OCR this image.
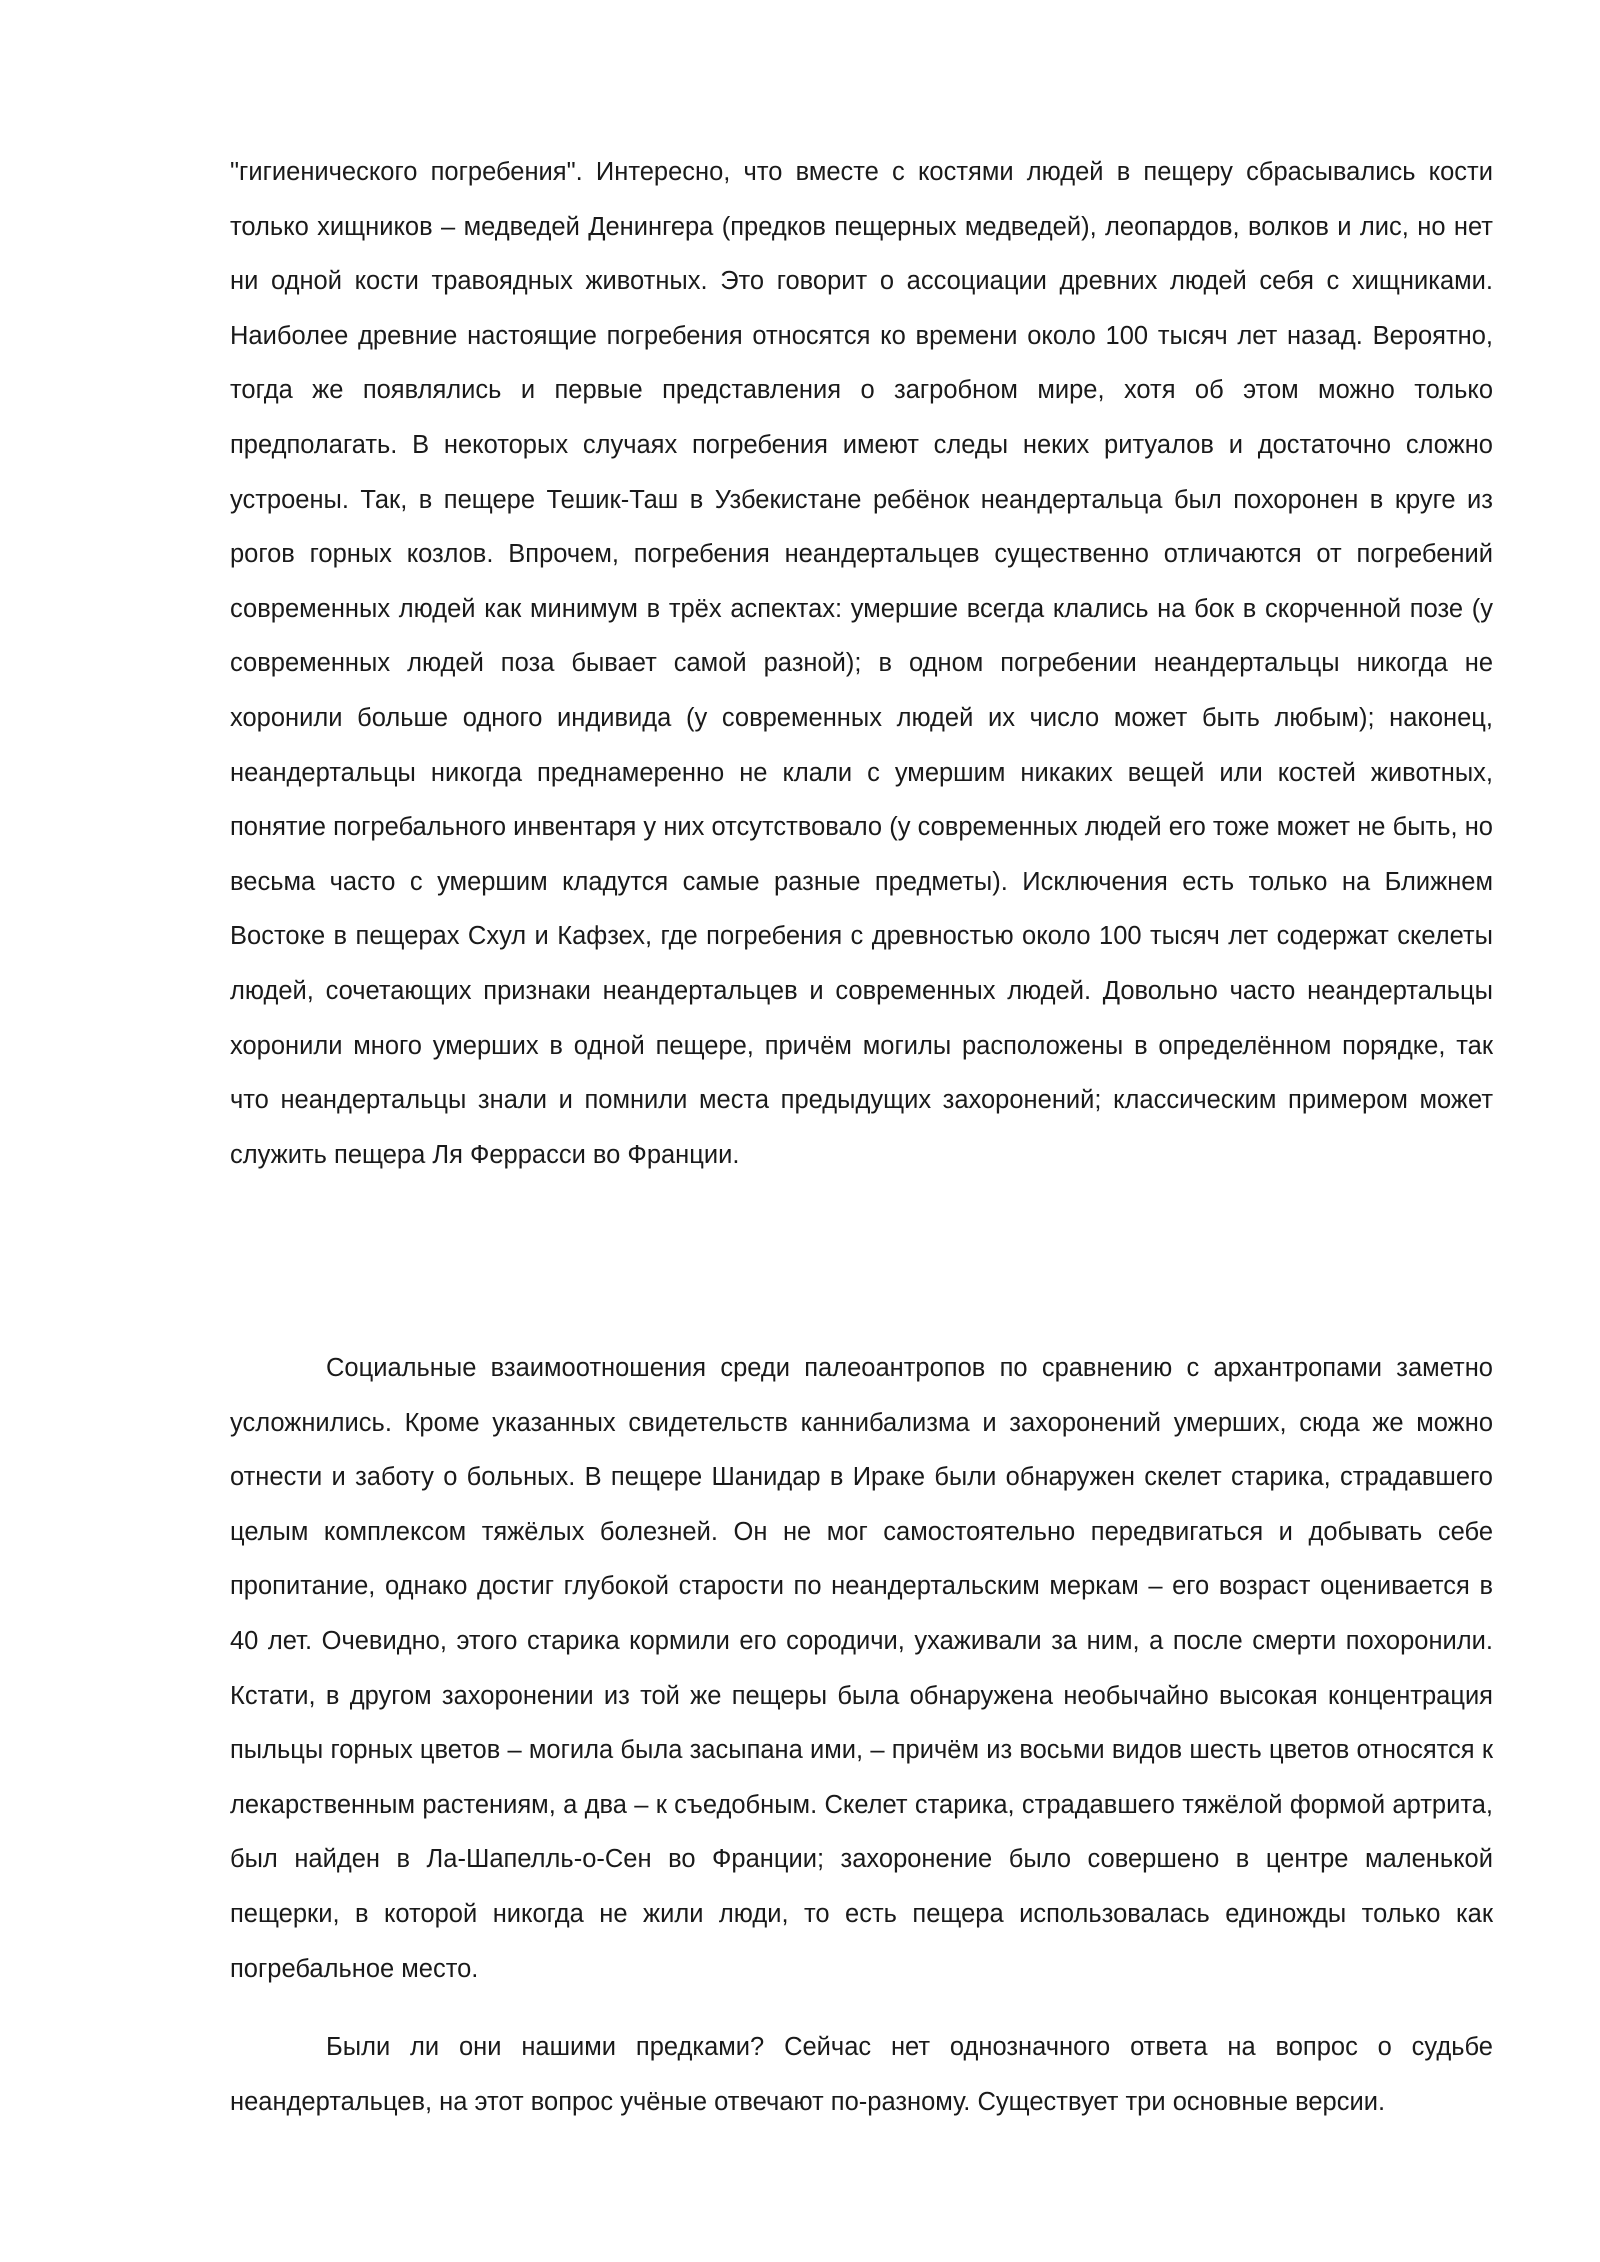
"гигиенического погребения". Интересно, что вместе с костями людей в пещеру сбрасывались кости только хищников – медведей Денингера (предков пещерных медведей), леопардов, волков и лис, но нет ни одной кости травоядных животных. Это говорит о ассоциации древних людей себя с хищниками. Наиболее древние настоящие погребения относятся ко времени около 100 тысяч лет назад. Вероятно, тогда же появлялись и первые представления о загробном мире, хотя об этом можно только предполагать. В некоторых случаях погребения имеют следы неких ритуалов и достаточно сложно устроены. Так, в пещере Тешик-Таш в Узбекистане ребёнок неандертальца был похоронен в круге из рогов горных козлов. Впрочем, погребения неандертальцев существенно отличаются от погребений современных людей как минимум в трёх аспектах: умершие всегда клались на бок в скорченной позе (у современных людей поза бывает самой разной); в одном погребении неандертальцы никогда не хоронили больше одного индивида (у современных людей их число может быть любым); наконец, неандертальцы никогда преднамеренно не клали с умершим никаких вещей или костей животных, понятие погребального инвентаря у них отсутствовало (у современных людей его тоже может не быть, но весьма часто с умершим кладутся самые разные предметы). Исключения есть только на Ближнем Востоке в пещерах Схул и Кафзех, где погребения с древностью около 100 тысяч лет содержат скелеты людей, сочетающих признаки неандертальцев и современных людей. Довольно часто неандертальцы хоронили много умерших в одной пещере, причём могилы расположены в определённом порядке, так что неандертальцы знали и помнили места предыдущих захоронений; классическим примером может служить пещера Ля Феррасси во Франции.

Социальные взаимоотношения среди палеоантропов по сравнению с архантропами заметно усложнились. Кроме указанных свидетельств каннибализма и захоронений умерших, сюда же можно отнести и заботу о больных. В пещере Шанидар в Ираке были обнаружен скелет старика, страдавшего целым комплексом тяжёлых болезней. Он не мог самостоятельно передвигаться и добывать себе пропитание, однако достиг глубокой старости по неандертальским меркам – его возраст оценивается в 40 лет. Очевидно, этого старика кормили его сородичи, ухаживали за ним, а после смерти похоронили. Кстати, в другом захоронении из той же пещеры была обнаружена необычайно высокая концентрация пыльцы горных цветов – могила была засыпана ими, – причём из восьми видов шесть цветов относятся к лекарственным растениям, а два – к съедобным. Скелет старика, страдавшего тяжёлой формой артрита, был найден в Ла-Шапелль-о-Сен во Франции; захоронение было совершено в центре маленькой пещерки, в которой никогда не жили люди, то есть пещера использовалась единожды только как погребальное место.

Были ли они нашими предками? Сейчас нет однозначного ответа на вопрос о судьбе неандертальцев, на этот вопрос учёные отвечают по-разному. Существует три основные версии.
